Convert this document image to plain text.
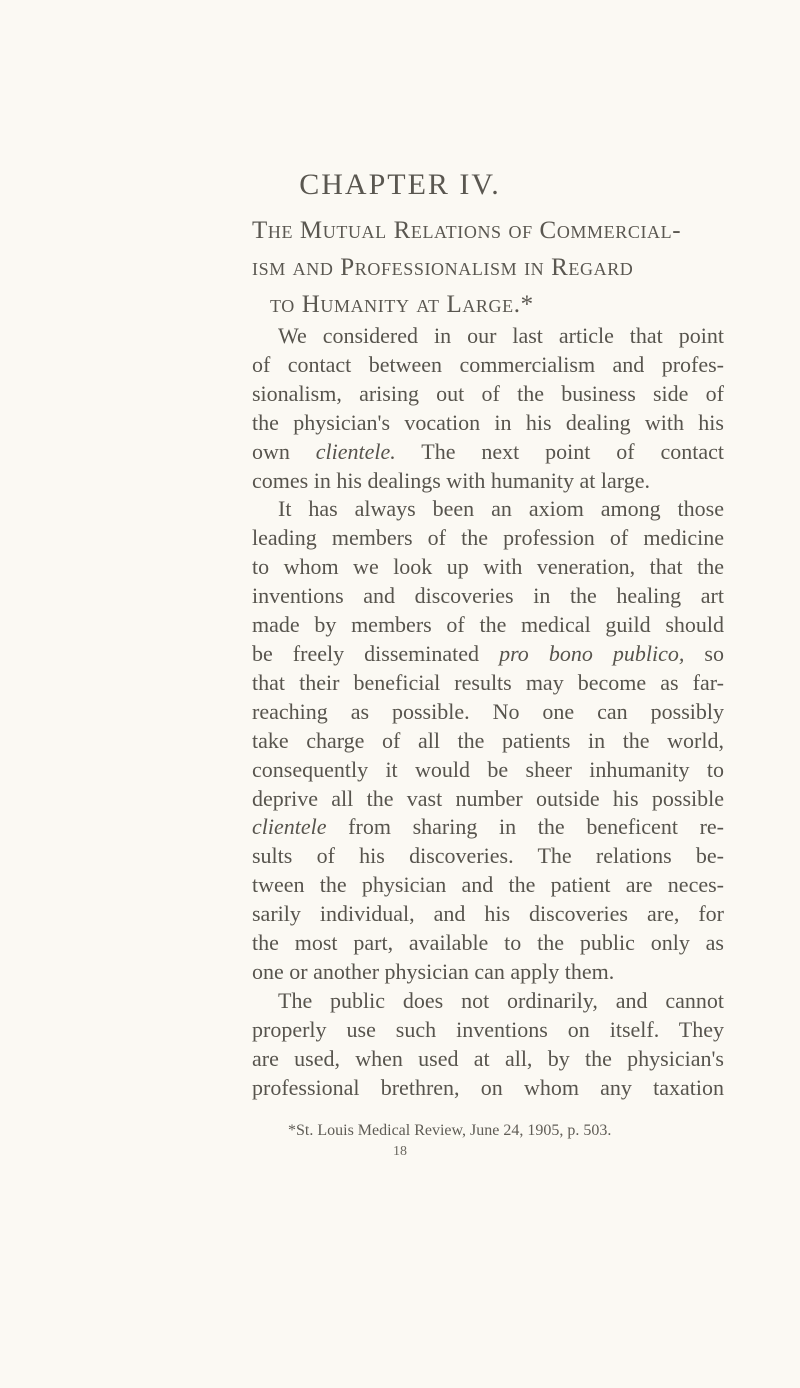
CHAPTER IV.
The Mutual Relations of Commercial-
ism and Professionalism in Regard
to Humanity at Large.*
We considered in our last article that point
of contact between commercialism and profes-
sionalism, arising out of the business side of
the physician's vocation in his dealing with his
own clientele. The next point of contact
comes in his dealings with humanity at large.
It has always been an axiom among those
leading members of the profession of medicine
to whom we look up with veneration, that the
inventions and discoveries in the healing art
made by members of the medical guild should
be freely disseminated pro bono publico, so
that their beneficial results may become as far-
reaching as possible. No one can possibly
take charge of all the patients in the world,
consequently it would be sheer inhumanity to
deprive all the vast number outside his possible
clientele from sharing in the beneficent re-
sults of his discoveries. The relations be-
tween the physician and the patient are neces-
sarily individual, and his discoveries are, for
the most part, available to the public only as
one or another physician can apply them.
The public does not ordinarily, and cannot
properly use such inventions on itself. They
are used, when used at all, by the physician's
professional brethren, on whom any taxation
*St. Louis Medical Review, June 24, 1905, p. 503.
18
